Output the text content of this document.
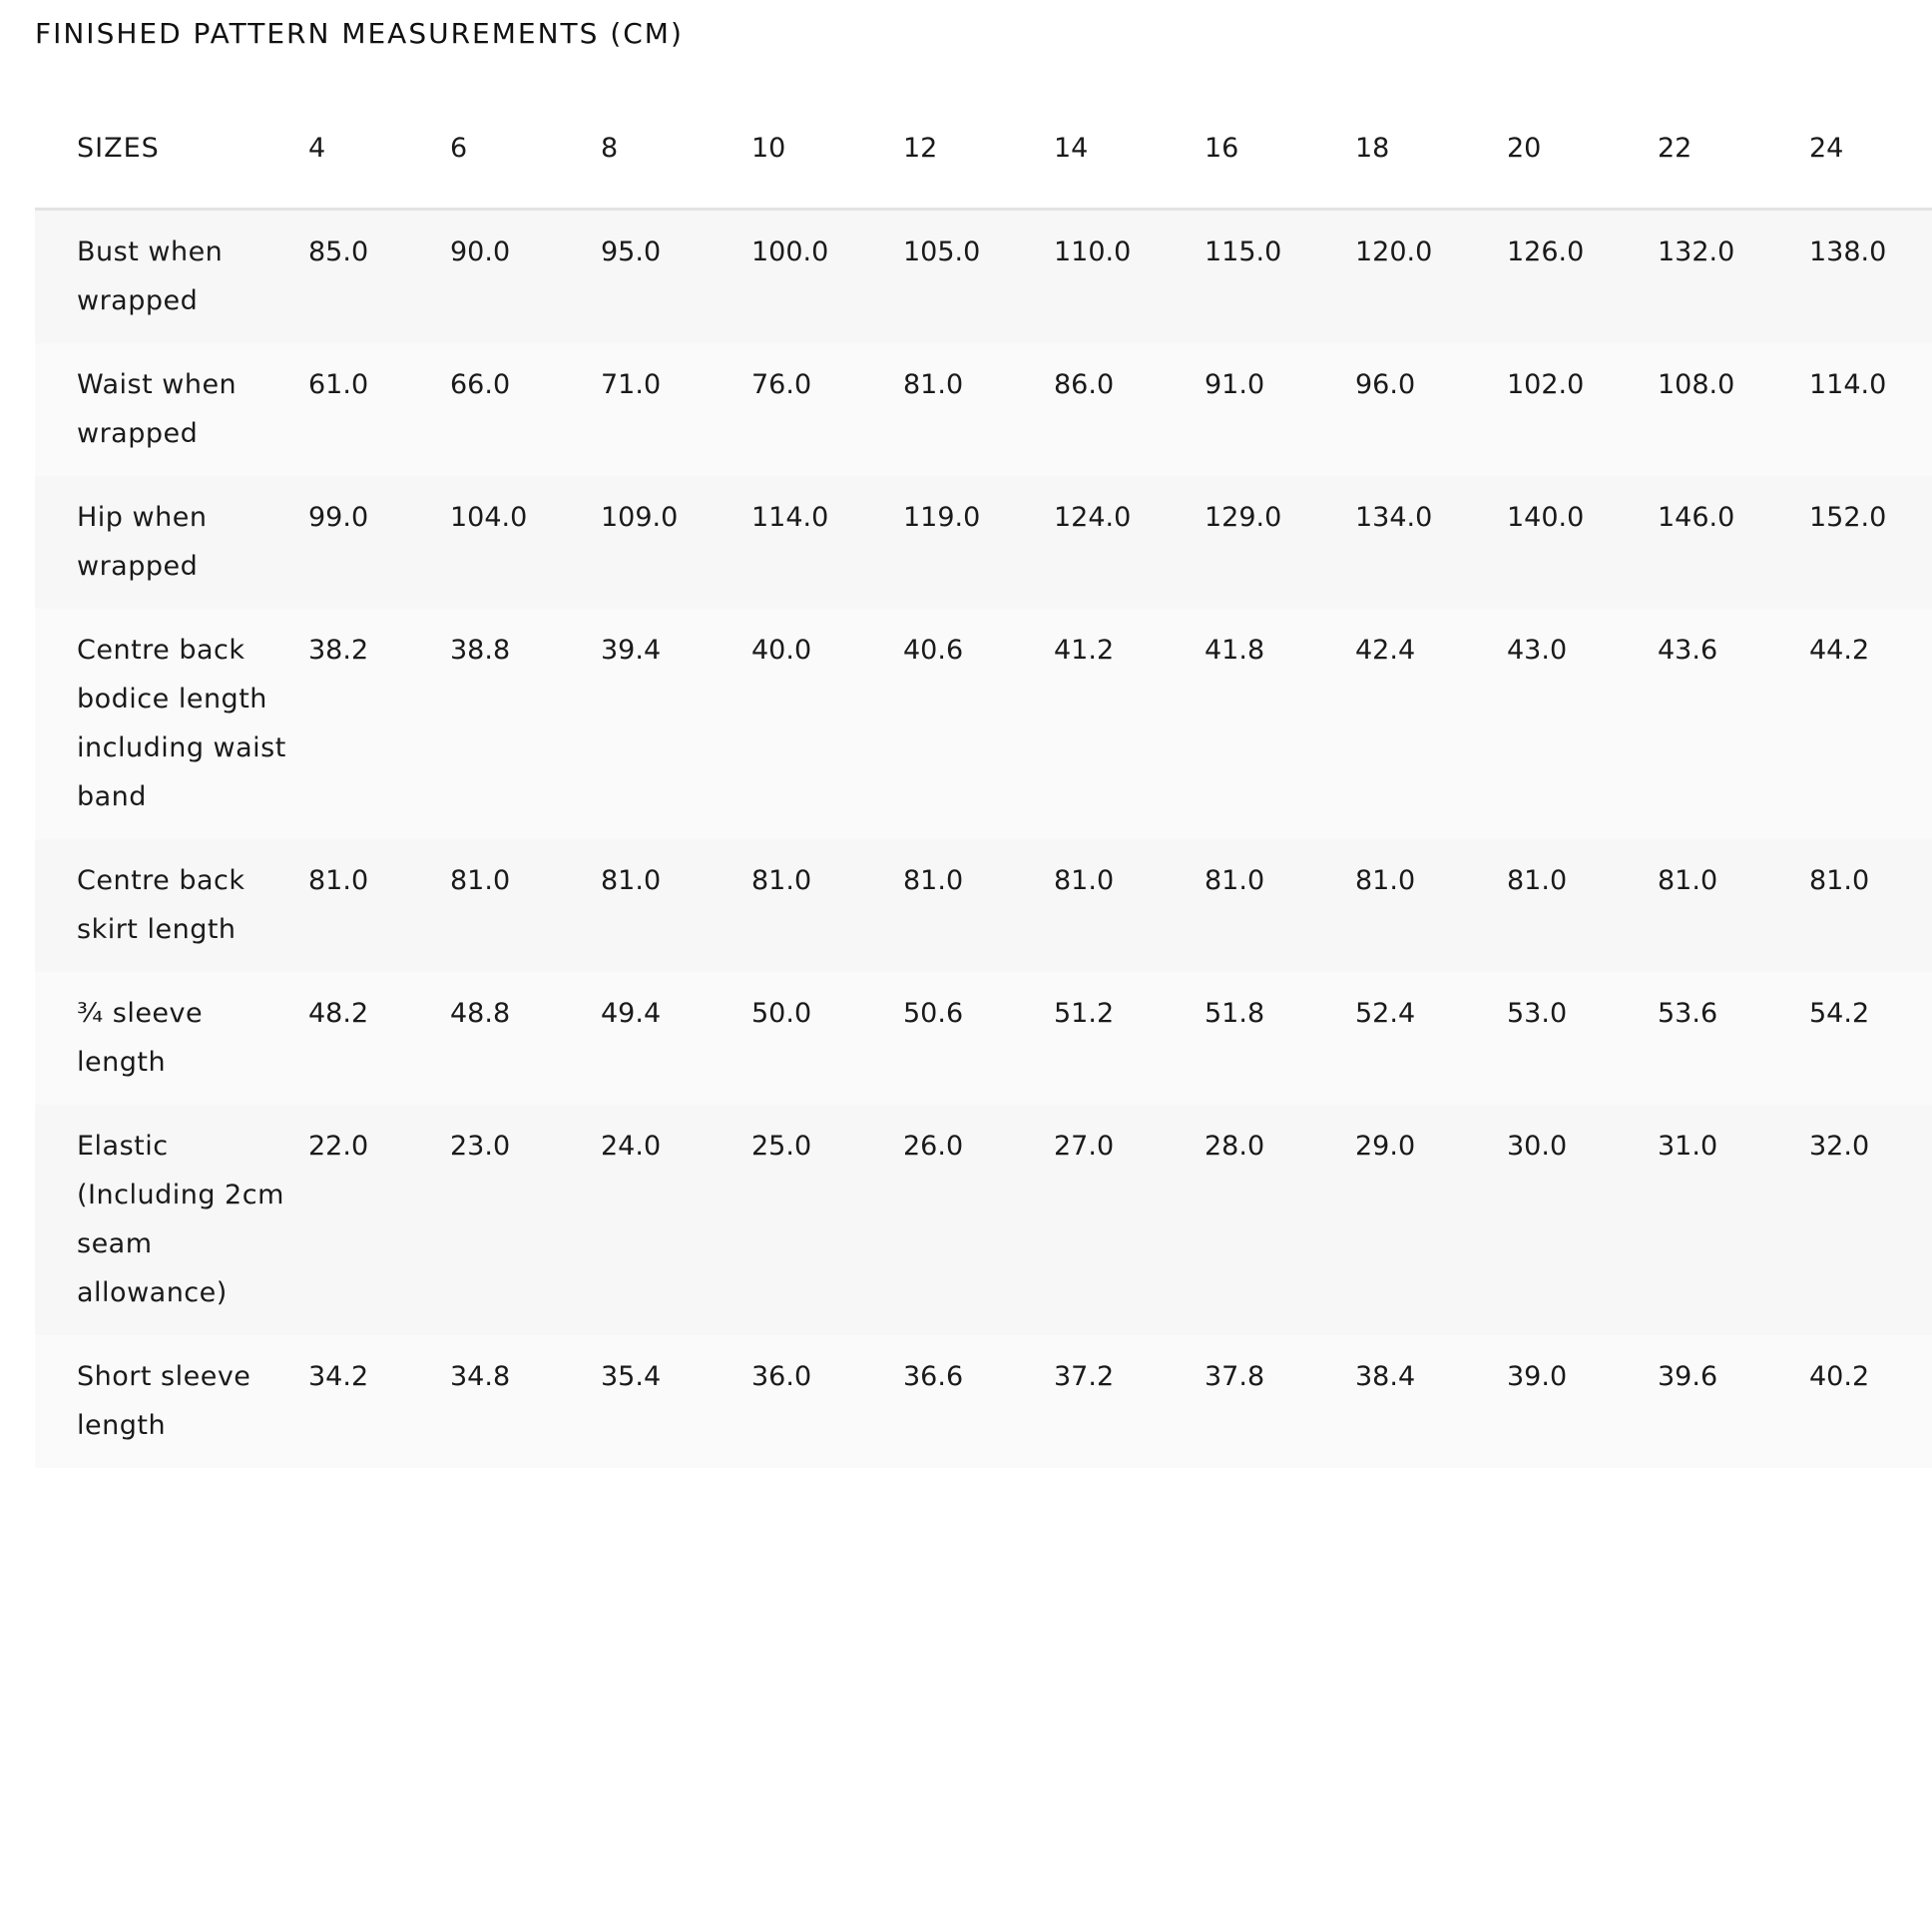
FINISHED PATTERN MEASUREMENTS (CM)
SIZES	4	6	8	10	12	14	16	18	20	22	24
Bust when wrapped	85.0	90.0	95.0	100.0	105.0	110.0	115.0	120.0	126.0	132.0	138.0
Waist when wrapped	61.0	66.0	71.0	76.0	81.0	86.0	91.0	96.0	102.0	108.0	114.0
Hip when wrapped	99.0	104.0	109.0	114.0	119.0	124.0	129.0	134.0	140.0	146.0	152.0
Centre back bodice length including waist band	38.2	38.8	39.4	40.0	40.6	41.2	41.8	42.4	43.0	43.6	44.2
Centre back skirt length	81.0	81.0	81.0	81.0	81.0	81.0	81.0	81.0	81.0	81.0	81.0
¾ sleeve length	48.2	48.8	49.4	50.0	50.6	51.2	51.8	52.4	53.0	53.6	54.2
Elastic (Including 2cm seam allowance)	22.0	23.0	24.0	25.0	26.0	27.0	28.0	29.0	30.0	31.0	32.0
Short sleeve length	34.2	34.8	35.4	36.0	36.6	37.2	37.8	38.4	39.0	39.6	40.2
